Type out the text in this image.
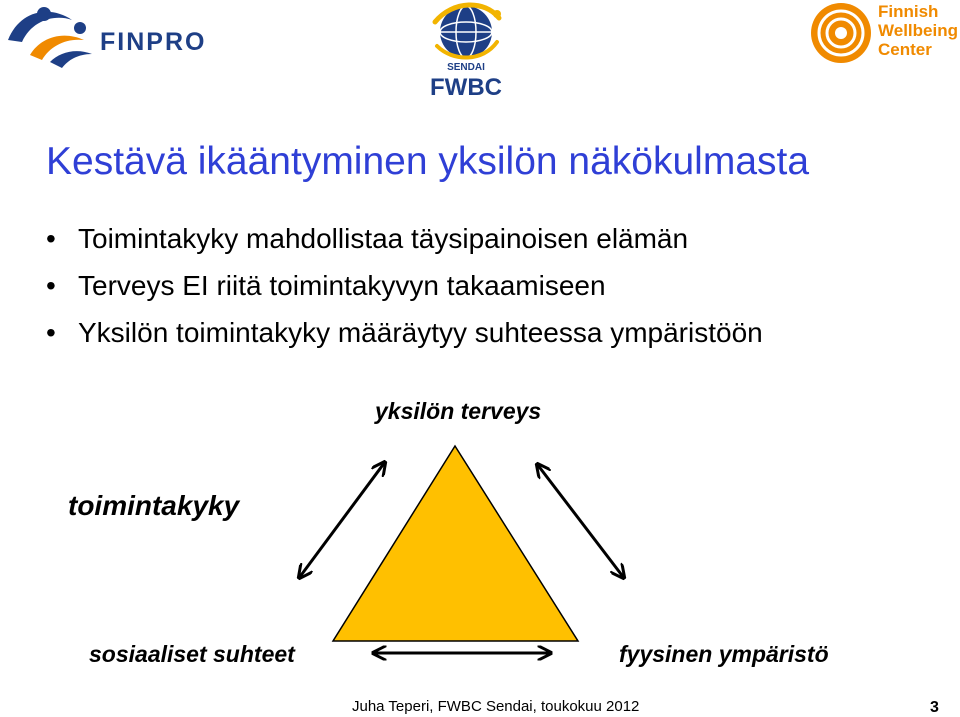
FINPRO
SENDAI
FWBC
Finnish
Wellbeing
Center
Kestävä ikääntyminen yksilön näkökulmasta
• Toimintakyky mahdollistaa täysipainoisen elämän
• Terveys EI riitä toimintakyvyn takaamiseen
• Yksilön toimintakyky määräytyy suhteessa ympäristöön
yksilön terveys
toimintakyky
sosiaaliset suhteet	fyysinen ympäristö
Juha Teperi, FWBC Sendai, toukokuu 2012	3
